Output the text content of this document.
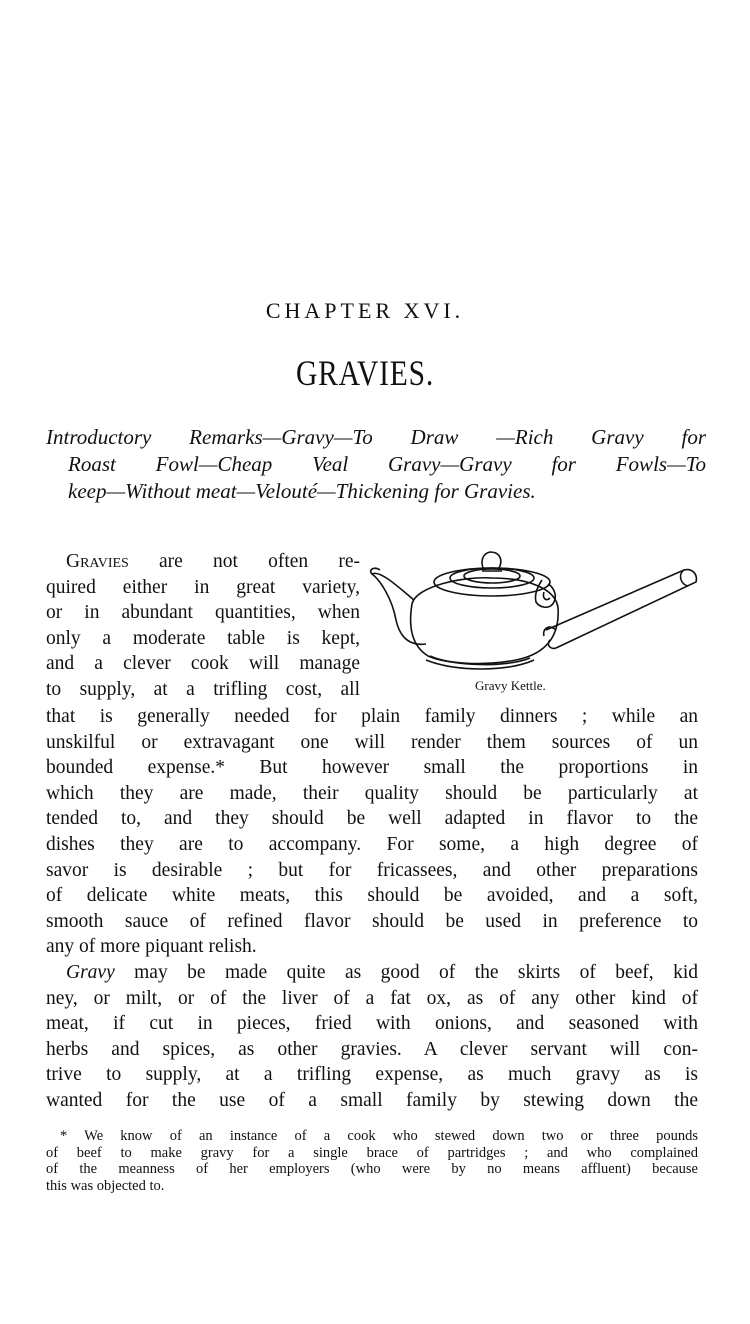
CHAPTER XVI.
GRAVIES.
Introductory Remarks—Gravy—To Draw —Rich Gravy for
Roast Fowl—Cheap Veal Gravy—Gravy for Fowls—To
keep—Without meat—Velouté—Thickening for Gravies.
Gravies are not often re-
quired either in great variety,
or in abundant quantities, when
only a moderate table is kept,
and a clever cook will manage
to supply, at a trifling cost, all	Gravy Kettle.
that is generally needed for plain family dinners ; while an
unskilful or extravagant one will render them sources of un
bounded expense.* But however small the proportions in
which they are made, their quality should be particularly at
tended to, and they should be well adapted in flavor to the
dishes they are to accompany. For some, a high degree of
savor is desirable ; but for fricassees, and other preparations
of delicate white meats, this should be avoided, and a soft,
smooth sauce of refined flavor should be used in preference to
any of more piquant relish.
Gravy may be made quite as good of the skirts of beef, kid
ney, or milt, or of the liver of a fat ox, as of any other kind of
meat, if cut in pieces, fried with onions, and seasoned with
herbs and spices, as other gravies. A clever servant will con-
trive to supply, at a trifling expense, as much gravy as is
wanted for the use of a small family by stewing down the
* We know of an instance of a cook who stewed down two or three pounds
of beef to make gravy for a single brace of partridges ; and who complained
of the meanness of her employers (who were by no means affluent) because
this was objected to.
